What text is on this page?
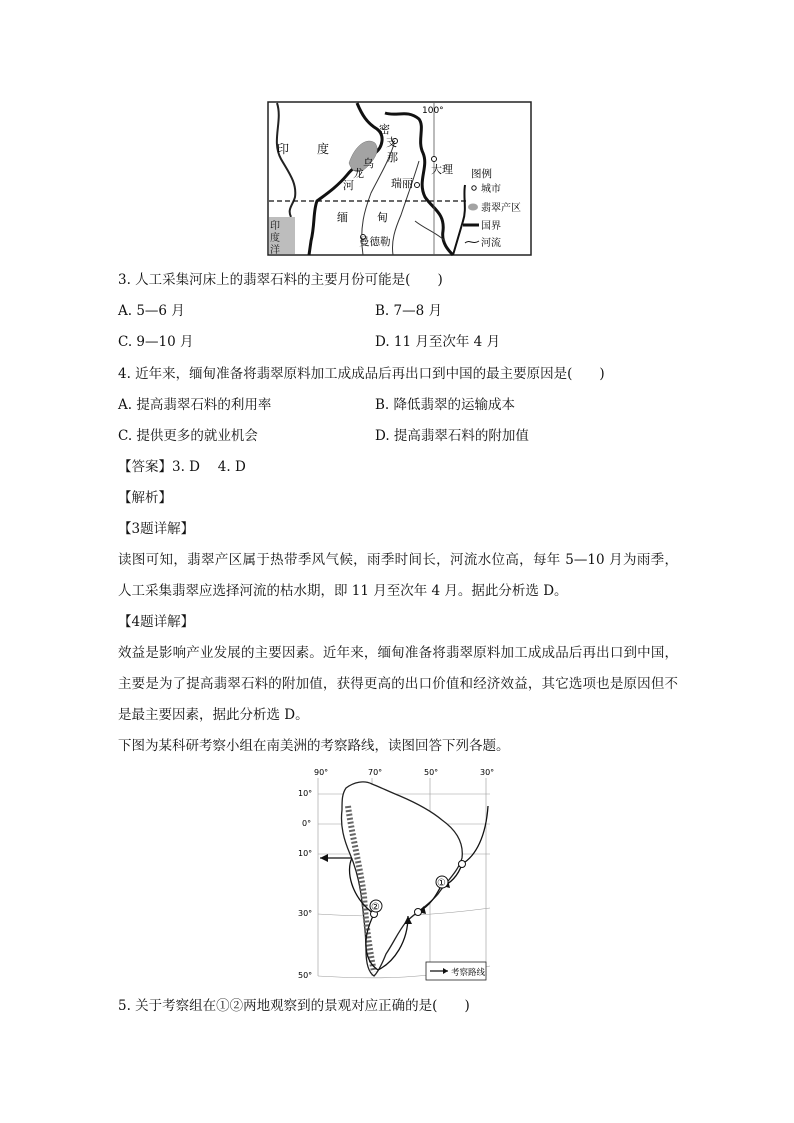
100°
印 度
密
支
那
乌
龙
河
大理
瑞丽
缅	甸
曼德勒
印
度
洋
图例
城市
翡翠产区
国界
河流
3. 人工采集河床上的翡翠石料的主要月份可能是(　　)
A. 5—6 月	B. 7—8 月
C. 9—10 月	D. 11 月至次年 4 月
4. 近年来，缅甸准备将翡翠原料加工成成品后再出口到中国的最主要原因是(　　)
A. 提高翡翠石料的利用率	B. 降低翡翠的运输成本
C. 提供更多的就业机会	D. 提高翡翠石料的附加值
【答案】3. D　 4. D
【解析】
【3题详解】
读图可知，翡翠产区属于热带季风气候，雨季时间长，河流水位高，每年 5—10 月为雨季，人工采集翡翠应选择河流的枯水期，即 11 月至次年 4 月。据此分析选 D。
【4题详解】
效益是影响产业发展的主要因素。近年来，缅甸准备将翡翠原料加工成成品后再出口到中国，主要是为了提高翡翠石料的附加值，获得更高的出口价值和经济效益，其它选项也是原因但不是最主要因素，据此分析选 D。
下图为某科研考察小组在南美洲的考察路线，读图回答下列各题。
90°	70°	50°	30°
10°
0°
10°
30°
50°
①
②
考察路线
5. 关于考察组在①②两地观察到的景观对应正确的是(　　)
